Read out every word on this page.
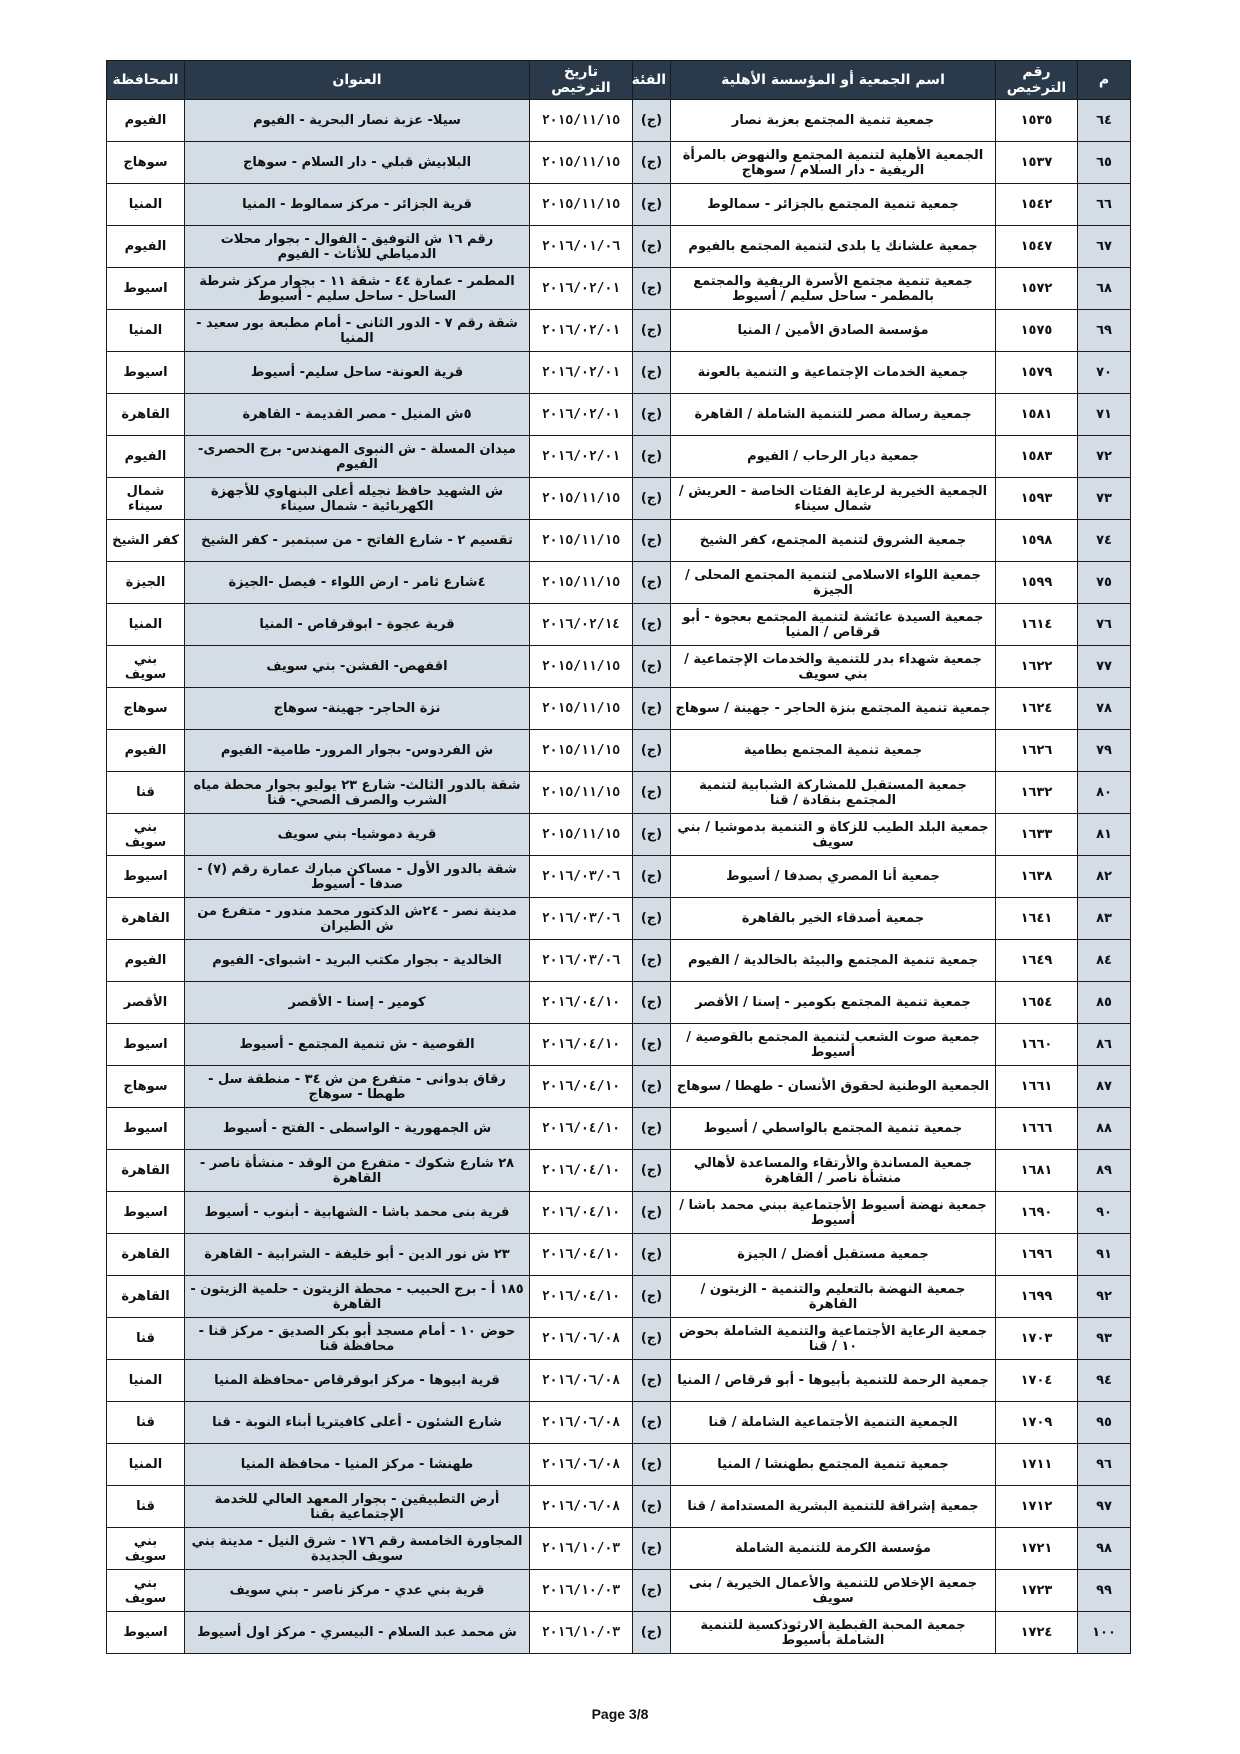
م	رقم الترخيص	اسم الجمعية أو المؤسسة الأهلية	الفئة	تاريخ الترخيص	العنوان	المحافظة
٦٤	١٥٣٥	جمعية تنمية المجتمع بعزبة نصار	(ج)	٢٠١٥/١١/١٥	سيلا- عزبة نصار البحرية - الفيوم	الفيوم
٦٥	١٥٣٧	الجمعية الأهلية لتنمية المجتمع والنهوض بالمرأة الريفية - دار السلام / سوهاج	(ج)	٢٠١٥/١١/١٥	البلابيش قبلي - دار السلام - سوهاج	سوهاج
٦٦	١٥٤٢	جمعية تنمية المجتمع بالجزائر - سمالوط	(ج)	٢٠١٥/١١/١٥	قرية الجزائر - مركز سمالوط - المنيا	المنيا
٦٧	١٥٤٧	جمعية علشانك يا بلدى لتنمية المجتمع بالفيوم	(ج)	٢٠١٦/٠١/٠٦	رقم ١٦ ش التوفيق - الفوال - بجوار محلات الدمياطي للأثاث - الفيوم	الفيوم
٦٨	١٥٧٢	جمعية تنمية مجتمع الأسرة الريفية والمجتمع بالمطمر - ساحل سليم / أسيوط	(ج)	٢٠١٦/٠٢/٠١	المطمر - عمارة ٤٤ - شقة ١١ - بجوار مركز شرطة الساحل - ساحل سليم - أسيوط	اسيوط
٦٩	١٥٧٥	مؤسسة الصادق الأمين / المنيا	(ج)	٢٠١٦/٠٢/٠١	شقة رقم ٧ - الدور الثانى - أمام مطبعة بور سعيد - المنيا	المنيا
٧٠	١٥٧٩	جمعية الخدمات الإجتماعية و التنمية بالعونة	(ج)	٢٠١٦/٠٢/٠١	قرية العونة- ساحل سليم- أسيوط	اسيوط
٧١	١٥٨١	جمعية رسالة مصر للتنمية الشاملة / القاهرة	(ج)	٢٠١٦/٠٢/٠١	٥ش المنيل - مصر القديمة - القاهرة	القاهرة
٧٢	١٥٨٣	جمعية ديار الرحاب / الفيوم	(ج)	٢٠١٦/٠٢/٠١	ميدان المسلة - ش النبوى المهندس- برج الحصرى- الفيوم	الفيوم
٧٣	١٥٩٣	الجمعية الخيرية لرعاية الفئات الخاصة - العريش / شمال سيناء	(ج)	٢٠١٥/١١/١٥	ش الشهيد حافظ نجيله أعلى البنهاوي للأجهزة الكهربائية - شمال سيناء	شمال سيناء
٧٤	١٥٩٨	جمعية الشروق لتنمية المجتمع، كفر الشيخ	(ج)	٢٠١٥/١١/١٥	تقسيم ٢ - شارع الفاتح - من سبتمبر - كفر الشيخ	كفر الشيخ
٧٥	١٥٩٩	جمعية اللواء الاسلامى لتنمية المجتمع المحلى / الجيزة	(ج)	٢٠١٥/١١/١٥	٤شارع ثامر - ارض اللواء - فيصل -الجيزة	الجيزة
٧٦	١٦١٤	جمعية السيدة عائشة لتنمية المجتمع بعجوة - أبو قرقاص / المنيا	(ج)	٢٠١٦/٠٢/١٤	قرية عجوة - ابوقرقاص - المنيا	المنيا
٧٧	١٦٢٢	جمعية شهداء بدر للتنمية والخدمات الإجتماعية / بني سويف	(ج)	٢٠١٥/١١/١٥	اقفهص- الفشن- بني سويف	بني سويف
٧٨	١٦٢٤	جمعية تنمية المجتمع بنزة الحاجر - جهينة / سوهاج	(ج)	٢٠١٥/١١/١٥	نزة الحاجر- جهينة- سوهاج	سوهاج
٧٩	١٦٢٦	جمعية تنمية المجتمع بطامية	(ج)	٢٠١٥/١١/١٥	ش الفردوس- بجوار المرور- طامية- الفيوم	الفيوم
٨٠	١٦٣٢	جمعية المستقبل للمشاركة الشبابية لتنمية المجتمع بنقادة / قنا	(ج)	٢٠١٥/١١/١٥	شقة بالدور الثالث- شارع ٢٣ يوليو بجوار محطة مياه الشرب والصرف الصحي- قنا	قنا
٨١	١٦٣٣	جمعية البلد الطيب للزكاة و التنمية بدموشيا / بني سويف	(ج)	٢٠١٥/١١/١٥	قرية دموشيا- بني سويف	بني سويف
٨٢	١٦٣٨	جمعية أنا المصري بصدفا / أسيوط	(ج)	٢٠١٦/٠٣/٠٦	شقة بالدور الأول - مساكن مبارك عمارة رقم (٧) - صدفا - أسيوط	اسيوط
٨٣	١٦٤١	جمعية أصدقاء الخير بالقاهرة	(ج)	٢٠١٦/٠٣/٠٦	مدينة نصر - ٢٤ش الدكتور محمد مندور - متفرع من ش الطيران	القاهرة
٨٤	١٦٤٩	جمعية تنمية المجتمع والبيئة بالخالدية / الفيوم	(ج)	٢٠١٦/٠٣/٠٦	الخالدية - بجوار مكتب البريد - اشبواى- الفيوم	الفيوم
٨٥	١٦٥٤	جمعية تنمية المجتمع بكومير - إسنا / الأقصر	(ج)	٢٠١٦/٠٤/١٠	كومير - إسنا - الأقصر	الأقصر
٨٦	١٦٦٠	جمعية صوت الشعب لتنمية المجتمع بالقوصية / أسيوط	(ج)	٢٠١٦/٠٤/١٠	القوصية - ش تنمية المجتمع - أسيوط	اسيوط
٨٧	١٦٦١	الجمعية الوطنية لحقوق الأنسان - طهطا / سوهاج	(ج)	٢٠١٦/٠٤/١٠	رقاق بدوانى - متفرع من ش ٣٤ - منطقة سل - طهطا - سوهاج	سوهاج
٨٨	١٦٦٦	جمعية تنمية المجتمع بالواسطي / أسيوط	(ج)	٢٠١٦/٠٤/١٠	ش الجمهورية - الواسطى - الفتح - أسيوط	اسيوط
٨٩	١٦٨١	جمعية المساندة والأرتقاء والمساعدة لأهالي منشأة ناصر / القاهرة	(ج)	٢٠١٦/٠٤/١٠	٢٨ شارع شكوك - متفرع من الوقد - منشأة ناصر - القاهرة	القاهرة
٩٠	١٦٩٠	جمعية نهضة أسيوط الأجتماعية ببني محمد باشا / أسيوط	(ج)	٢٠١٦/٠٤/١٠	قرية بنى محمد باشا - الشهابية - أبنوب - أسيوط	اسيوط
٩١	١٦٩٦	جمعية مستقبل أفضل / الجيزة	(ج)	٢٠١٦/٠٤/١٠	٢٣ ش نور الدين - أبو خليفة - الشرابية - القاهرة	القاهرة
٩٢	١٦٩٩	جمعية النهضة بالتعليم والتنمية - الزيتون / القاهرة	(ج)	٢٠١٦/٠٤/١٠	١٨٥ أ - برج الحبيب - محطة الزيتون - حلمية الزيتون - القاهرة	القاهرة
٩٣	١٧٠٣	جمعية الرعاية الأجتماعية والتنمية الشاملة بحوض ١٠ / قنا	(ج)	٢٠١٦/٠٦/٠٨	حوض ١٠ - أمام مسجد أبو بكر الصديق - مركز قنا - محافظة قنا	قنا
٩٤	١٧٠٤	جمعية الرحمة للتنمية بأبيوها - أبو قرقاص / المنيا	(ج)	٢٠١٦/٠٦/٠٨	قرية ابيوها - مركز ابوقرقاص -محافظة المنيا	المنيا
٩٥	١٧٠٩	الجمعية التنمية الأجتماعية الشاملة / قنا	(ج)	٢٠١٦/٠٦/٠٨	شارع الشئون - أعلى كافيتريا أبناء النوبة - قنا	قنا
٩٦	١٧١١	جمعية تنمية المجتمع بطهنشا / المنيا	(ج)	٢٠١٦/٠٦/٠٨	طهنشا - مركز المنيا - محافظة المنيا	المنيا
٩٧	١٧١٢	جمعية إشراقة للتنمية البشرية المستدامة / قنا	(ج)	٢٠١٦/٠٦/٠٨	أرض التطبيقين - بجوار المعهد العالي للخدمة الإجتماعية بقنا	قنا
٩٨	١٧٢١	مؤسسة الكرمة للتنمية الشاملة	(ج)	٢٠١٦/١٠/٠٣	المجاورة الخامسة رقم ١٧٦ - شرق النيل - مدينة بني سويف الجديدة	بني سويف
٩٩	١٧٢٣	جمعية الإخلاص للتنمية والأعمال الخيرية / بنى سويف	(ج)	٢٠١٦/١٠/٠٣	قرية بني عدي - مركز ناصر - بني سويف	بني سويف
١٠٠	١٧٢٤	جمعية المحبة القبطية الارثوذكسية للتنمية الشاملة بأسيوط	(ج)	٢٠١٦/١٠/٠٣	ش محمد عبد السلام - البيسري - مركز اول أسيوط	اسيوط
Page 3/8
